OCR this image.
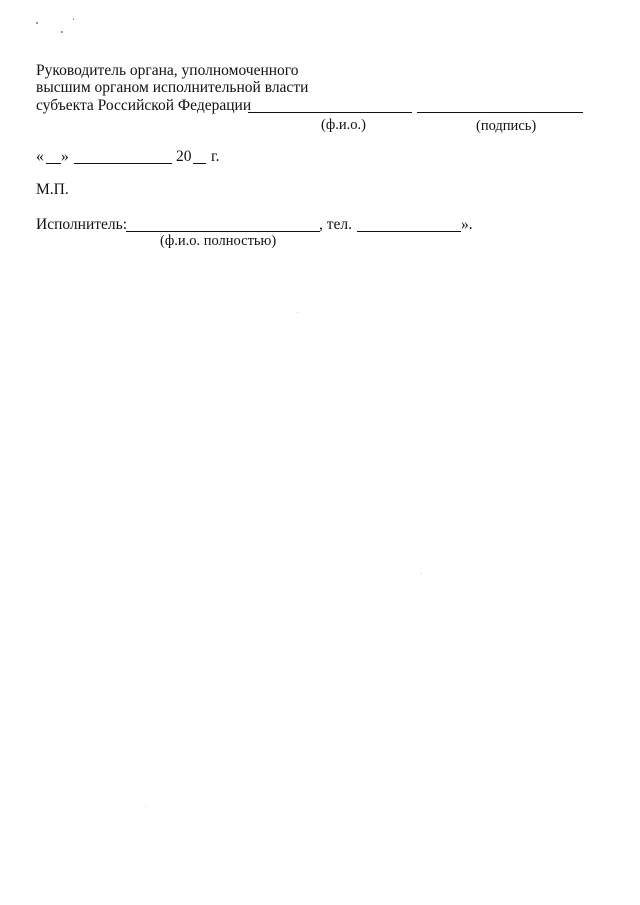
Руководитель органа, уполномоченного
высшим органом исполнительной власти
субъекта Российской Федерации
(ф.и.о.)	(подпись)
« »	20 г.
М.П.
Исполнитель:	, тел.	».
(ф.и.о. полностью)
